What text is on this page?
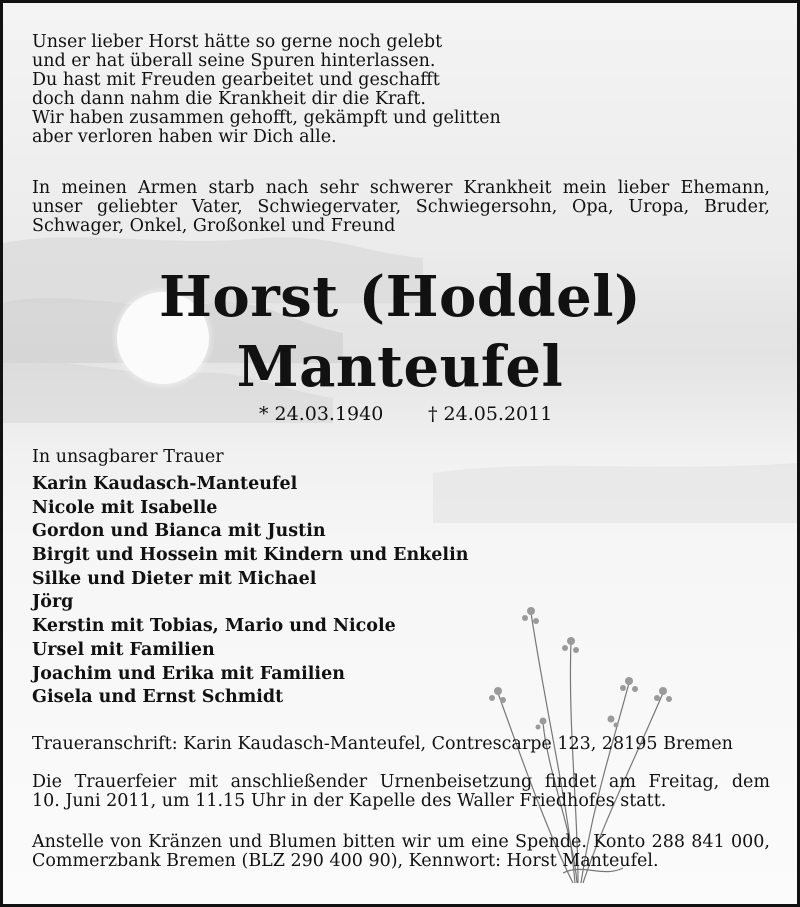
Unser lieber Horst hätte so gerne noch gelebt
und er hat überall seine Spuren hinterlassen.
Du hast mit Freuden gearbeitet und geschafft
doch dann nahm die Krankheit dir die Kraft.
Wir haben zusammen gehofft, gekämpft und gelitten
aber verloren haben wir Dich alle.
In meinen Armen starb nach sehr schwerer Krankheit mein lieber Ehemann,
unser geliebter Vater, Schwiegervater, Schwiegersohn, Opa, Uropa, Bruder,
Schwager, Onkel, Großonkel und Freund
Horst (Hoddel)
Manteufel
* 24.03.1940 † 24.05.2011
In unsagbarer Trauer
Karin Kaudasch-Manteufel
Nicole mit Isabelle
Gordon und Bianca mit Justin
Birgit und Hossein mit Kindern und Enkelin
Silke und Dieter mit Michael
Jörg
Kerstin mit Tobias, Mario und Nicole
Ursel mit Familien
Joachim und Erika mit Familien
Gisela und Ernst Schmidt
Traueranschrift: Karin Kaudasch-Manteufel, Contrescarpe 123, 28195 Bremen
Die Trauerfeier mit anschließender Urnenbeisetzung findet am Freitag, dem
10. Juni 2011, um 11.15 Uhr in der Kapelle des Waller Friedhofes statt.
Anstelle von Kränzen und Blumen bitten wir um eine Spende. Konto 288 841 000,
Commerzbank Bremen (BLZ 290 400 90), Kennwort: Horst Manteufel.
